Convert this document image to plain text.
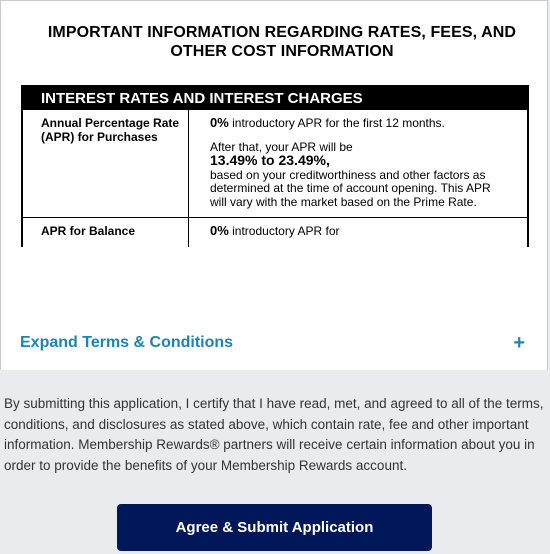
IMPORTANT INFORMATION REGARDING RATES, FEES, AND OTHER COST INFORMATION
INTEREST RATES AND INTEREST CHARGES
Annual Percentage Rate (APR) for Purchases

0% introductory APR for the first 12 months.

After that, your APR will be
13.49% to 23.49%,
based on your creditworthiness and other factors as determined at the time of account opening. This APR will vary with the market based on the Prime Rate.

APR for Balance	0% introductory APR for

Expand Terms & Conditions	+

By submitting this application, I certify that I have read, met, and agreed to all of the terms, conditions, and disclosures as stated above, which contain rate, fee and other important information. Membership Rewards® partners will receive certain information about you in order to provide the benefits of your Membership Rewards account.

Agree & Submit Application
